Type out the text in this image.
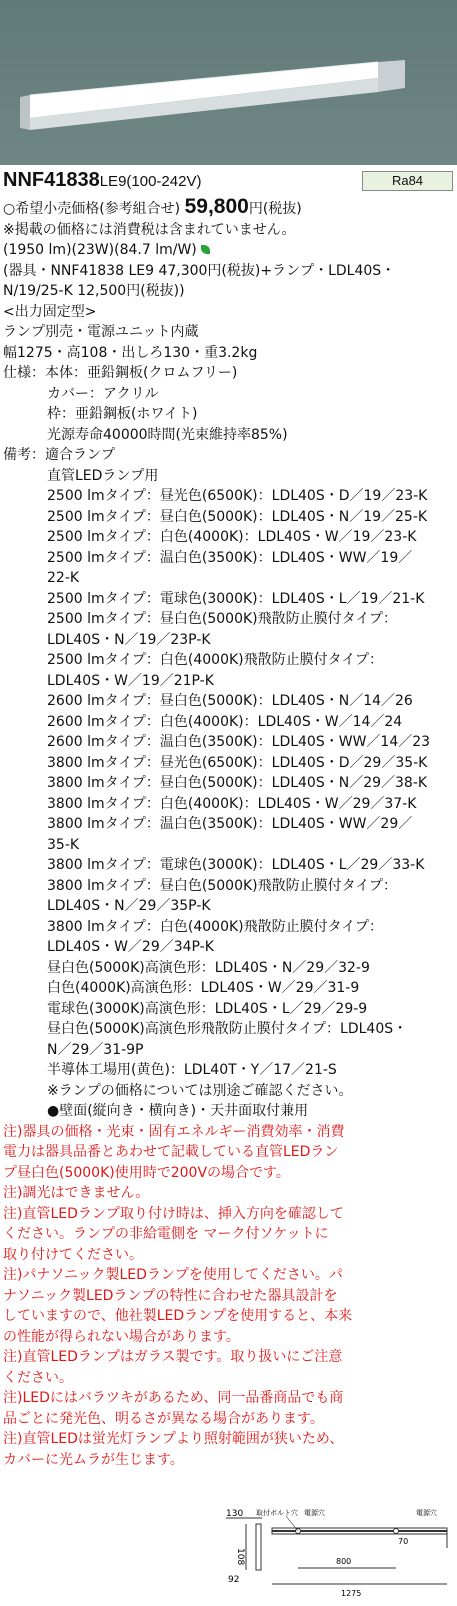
NNF41838LE9(100-242V)	Ra84
○希望小売価格(参考組合せ) 59,800円(税抜)
※掲載の価格には消費税は含まれていません。
(1950 lm)(23W)(84.7 lm/W)
(器具・NNF41838 LE9 47,300円(税抜)+ランプ・LDL40S・
N/19/25-K 12,500円(税抜))
<出力固定型>
ランプ別売・電源ユニット内蔵
幅1275・高108・出しろ130・重3.2kg
仕様：本体：亜鉛鋼板(クロムフリー)
カバー：アクリル
枠：亜鉛鋼板(ホワイト)
光源寿命40000時間(光束維持率85%)
備考：適合ランプ
直管LEDランプ用
2500 lmタイプ：昼光色(6500K)：LDL40S・D／19／23-K
2500 lmタイプ：昼白色(5000K)：LDL40S・N／19／25-K
2500 lmタイプ：白色(4000K)：LDL40S・W／19／23-K
2500 lmタイプ：温白色(3500K)：LDL40S・WW／19／
22-K
2500 lmタイプ：電球色(3000K)：LDL40S・L／19／21-K
2500 lmタイプ：昼白色(5000K)飛散防止膜付タイプ：
LDL40S・N／19／23P-K
2500 lmタイプ：白色(4000K)飛散防止膜付タイプ：
LDL40S・W／19／21P-K
2600 lmタイプ：昼白色(5000K)：LDL40S・N／14／26
2600 lmタイプ：白色(4000K)：LDL40S・W／14／24
2600 lmタイプ：温白色(3500K)：LDL40S・WW／14／23
3800 lmタイプ：昼光色(6500K)：LDL40S・D／29／35-K
3800 lmタイプ：昼白色(5000K)：LDL40S・N／29／38-K
3800 lmタイプ：白色(4000K)：LDL40S・W／29／37-K
3800 lmタイプ：温白色(3500K)：LDL40S・WW／29／
35-K
3800 lmタイプ：電球色(3000K)：LDL40S・L／29／33-K
3800 lmタイプ：昼白色(5000K)飛散防止膜付タイプ：
LDL40S・N／29／35P-K
3800 lmタイプ：白色(4000K)飛散防止膜付タイプ：
LDL40S・W／29／34P-K
昼白色(5000K)高演色形：LDL40S・N／29／32-9
白色(4000K)高演色形：LDL40S・W／29／31-9
電球色(3000K)高演色形：LDL40S・L／29／29-9
昼白色(5000K)高演色形飛散防止膜付タイプ：LDL40S・
N／29／31-9P
半導体工場用(黄色)：LDL40T・Y／17／21-S
※ランプの価格については別途ご確認ください。
●壁面(縦向き・横向き)・天井面取付兼用
注)器具の価格・光束・固有エネルギー消費効率・消費
電力は器具品番とあわせて記載している直管LEDラン
プ昼白色(5000K)使用時で200Vの場合です。
注)調光はできません。
注)直管LEDランプ取り付け時は、挿入方向を確認して
ください。ランプの非給電側を マーク付ソケットに
取り付けてください。
注)パナソニック製LEDランプを使用してください。パ
ナソニック製LEDランプの特性に合わせた器具設計を
していますので、他社製LEDランプを使用すると、本来
の性能が得られない場合があります。
注)直管LEDランプはガラス製です。取り扱いにご注意
ください。
注)LEDにはバラツキがあるため、同一品番商品でも商
品ごとに発光色、明るさが異なる場合があります。
注)直管LEDは蛍光灯ランプより照射範囲が狭いため、
カバーに光ムラが生じます。
130
108
92
取付ボルト穴 電源穴	電源穴
70
800
1275
